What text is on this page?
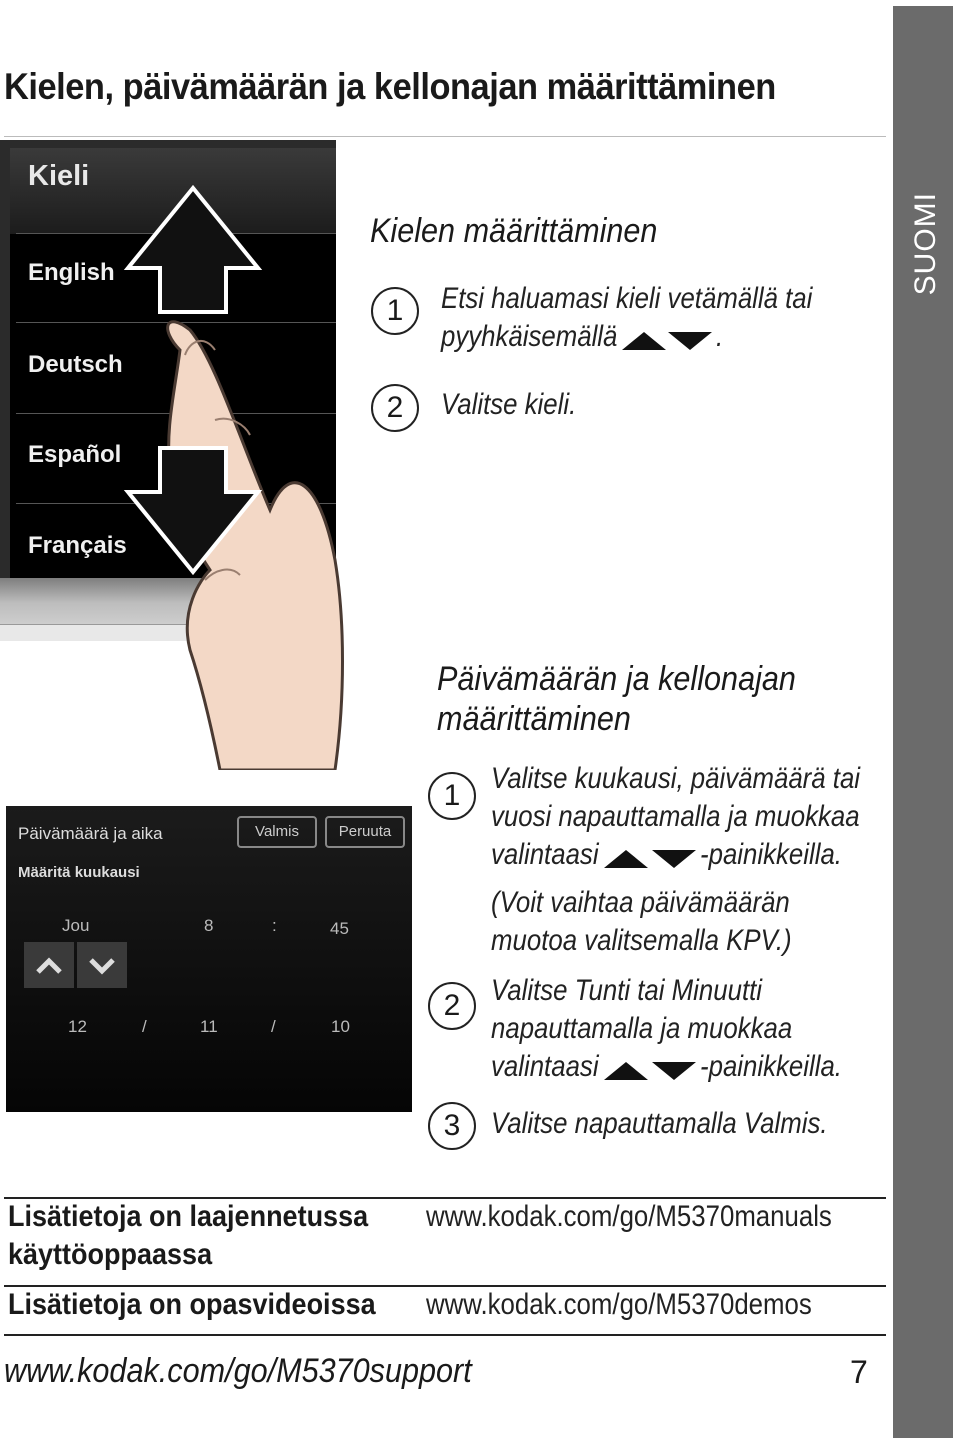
SUOMI
Kielen, päivämäärän ja kellonajan määrittäminen
Kieli
English
Deutsch
Español
Français
Kielen määrittäminen
1	Etsi haluamasi kieli vetämällä tai
pyyhkäisemällä	.
2	Valitse kieli.
Päivämäärän ja kellonajan
määrittäminen
1
Valitse kuukausi, päivämäärä tai
vuosi napauttamalla ja muokkaa
valintaasi	-painikkeilla.
(Voit vaihtaa päivämäärän
muotoa valitsemalla KPV.)
2	Valitse Tunti tai Minuutti
napauttamalla ja muokkaa
valintaasi	-painikkeilla.
3	Valitse napauttamalla Valmis.
Päivämäärä ja aika	Valmis	Peruuta
Määritä kuukausi
Jou	8	:	45
12	/	11	/	10
Lisätietoja on laajennetussa
käyttöoppaassa
www.kodak.com/go/M5370manuals
Lisätietoja on opasvideoissa www.kodak.com/go/M5370demos
www.kodak.com/go/M5370support	7
